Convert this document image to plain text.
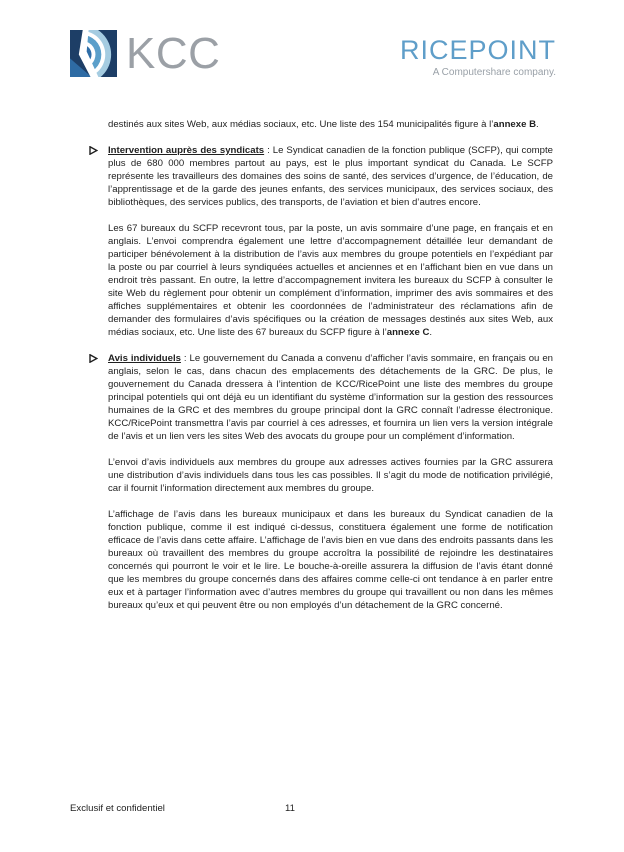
KCC	RICEPOINT
A Computershare company.
destinés aux sites Web, aux médias sociaux, etc. Une liste des 154 municipalités figure à l’annexe B.
Intervention auprès des syndicats : Le Syndicat canadien de la fonction publique (SCFP), qui compte plus de 680 000 membres partout au pays, est le plus important syndicat du Canada. Le SCFP représente les travailleurs des domaines des soins de santé, des services d’urgence, de l’éducation, de l’apprentissage et de la garde des jeunes enfants, des services municipaux, des services sociaux, des bibliothèques, des services publics, des transports, de l’aviation et bien d’autres encore.
Les 67 bureaux du SCFP recevront tous, par la poste, un avis sommaire d’une page, en français et en anglais. L’envoi comprendra également une lettre d’accompagnement détaillée leur demandant de participer bénévolement à la distribution de l’avis aux membres du groupe potentiels en l’expédiant par la poste ou par courriel à leurs syndiquées actuelles et anciennes et en l’affichant bien en vue dans un endroit très passant. En outre, la lettre d’accompagnement invitera les bureaux du SCFP à consulter le site Web du règlement pour obtenir un complément d’information, imprimer des avis sommaires et des affiches supplémentaires et obtenir les coordonnées de l’administrateur des réclamations afin de demander des formulaires d’avis spécifiques ou la création de messages destinés aux sites Web, aux médias sociaux, etc. Une liste des 67 bureaux du SCFP figure à l’annexe C.
Avis individuels : Le gouvernement du Canada a convenu d’afficher l’avis sommaire, en français ou en anglais, selon le cas, dans chacun des emplacements des détachements de la GRC. De plus, le gouvernement du Canada dressera à l’intention de KCC/RicePoint une liste des membres du groupe principal potentiels qui ont déjà eu un identifiant du système d’information sur la gestion des ressources humaines de la GRC et des membres du groupe principal dont la GRC connaît l’adresse électronique. KCC/RicePoint transmettra l’avis par courriel à ces adresses, et fournira un lien vers la version intégrale de l’avis et un lien vers les sites Web des avocats du groupe pour un complément d’information.
L’envoi d’avis individuels aux membres du groupe aux adresses actives fournies par la GRC assurera une distribution d’avis individuels dans tous les cas possibles. Il s’agit du mode de notification privilégié, car il fournit l’information directement aux membres du groupe.
L’affichage de l’avis dans les bureaux municipaux et dans les bureaux du Syndicat canadien de la fonction publique, comme il est indiqué ci-dessus, constituera également une forme de notification efficace de l’avis dans cette affaire. L’affichage de l’avis bien en vue dans des endroits passants dans les bureaux où travaillent des membres du groupe accroîtra la possibilité de rejoindre les destinataires concernés qui pourront le voir et le lire. Le bouche-à-oreille assurera la diffusion de l’avis étant donné que les membres du groupe concernés dans des affaires comme celle-ci ont tendance à en parler entre eux et à partager l’information avec d’autres membres du groupe qui travaillent ou non dans les mêmes bureaux qu’eux et qui peuvent être ou non employés d’un détachement de la GRC concerné.
Exclusif et confidentiel	11
